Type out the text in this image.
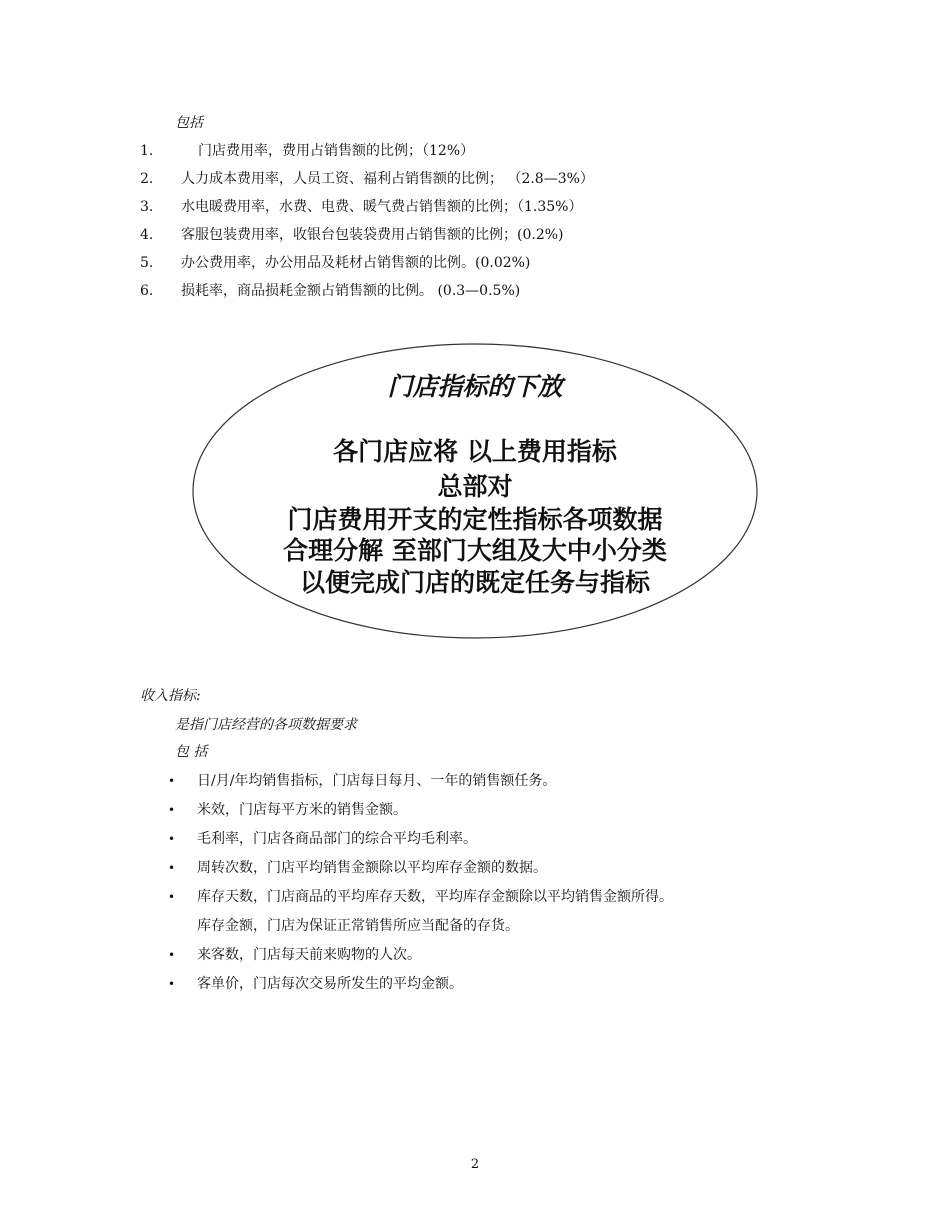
包括
1.	门店费用率，费用占销售额的比例；（12%）
2. 人力成本费用率，人员工资、福利占销售额的比例； （2.8—3%）
3. 水电暖费用率，水费、电费、暖气费占销售额的比例；（1.35%）
4. 客服包装费用率，收银台包装袋费用占销售额的比例；(0.2%)
5. 办公费用率，办公用品及耗材占销售额的比例。(0.02%)
6. 损耗率，商品损耗金额占销售额的比例。 (0.3—0.5%)
门店指标的下放
各门店应将 以上费用指标
总部对
门店费用开支的定性指标各项数据
合理分解 至部门大组及大中小分类
以便完成门店的既定任务与指标
收入指标:
是指门店经营的各项数据要求
包 括
• 日/月/年均销售指标，门店每日每月、一年的销售额任务。
• 米效，门店每平方米的销售金额。
• 毛利率，门店各商品部门的综合平均毛利率。
• 周转次数，门店平均销售金额除以平均库存金额的数据。
• 库存天数，门店商品的平均库存天数，平均库存金额除以平均销售金额所得。
库存金额，门店为保证正常销售所应当配备的存货。
• 来客数，门店每天前来购物的人次。
• 客单价，门店每次交易所发生的平均金额。
2
